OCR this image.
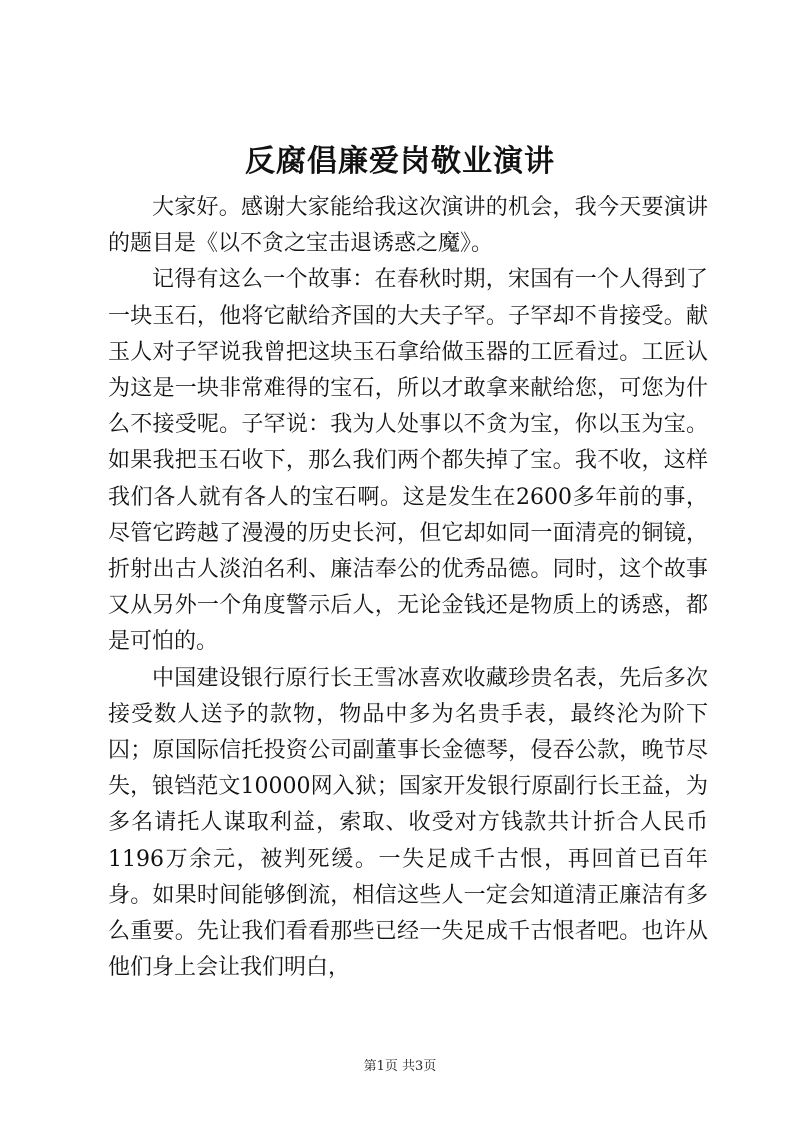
反腐倡廉爱岗敬业演讲

大家好。感谢大家能给我这次演讲的机会，我今天要演讲的题目是《以不贪之宝击退诱惑之魔》。

记得有这么一个故事：在春秋时期，宋国有一个人得到了一块玉石，他将它献给齐国的大夫子罕。子罕却不肯接受。献玉人对子罕说我曾把这块玉石拿给做玉器的工匠看过。工匠认为这是一块非常难得的宝石，所以才敢拿来献给您，可您为什么不接受呢。子罕说：我为人处事以不贪为宝，你以玉为宝。如果我把玉石收下，那么我们两个都失掉了宝。我不收，这样我们各人就有各人的宝石啊。这是发生在2600多年前的事，尽管它跨越了漫漫的历史长河，但它却如同一面清亮的铜镜，折射出古人淡泊名利、廉洁奉公的优秀品德。同时，这个故事又从另外一个角度警示后人，无论金钱还是物质上的诱惑，都是可怕的。

中国建设银行原行长王雪冰喜欢收藏珍贵名表，先后多次接受数人送予的款物，物品中多为名贵手表，最终沦为阶下囚；原国际信托投资公司副董事长金德琴，侵吞公款，晚节尽失，锒铛范文10000网入狱；国家开发银行原副行长王益，为多名请托人谋取利益，索取、收受对方钱款共计折合人民币1196万余元，被判死缓。一失足成千古恨，再回首已百年身。如果时间能够倒流，相信这些人一定会知道清正廉洁有多么重要。先让我们看看那些已经一失足成千古恨者吧。也许从他们身上会让我们明白，

第1页 共3页
